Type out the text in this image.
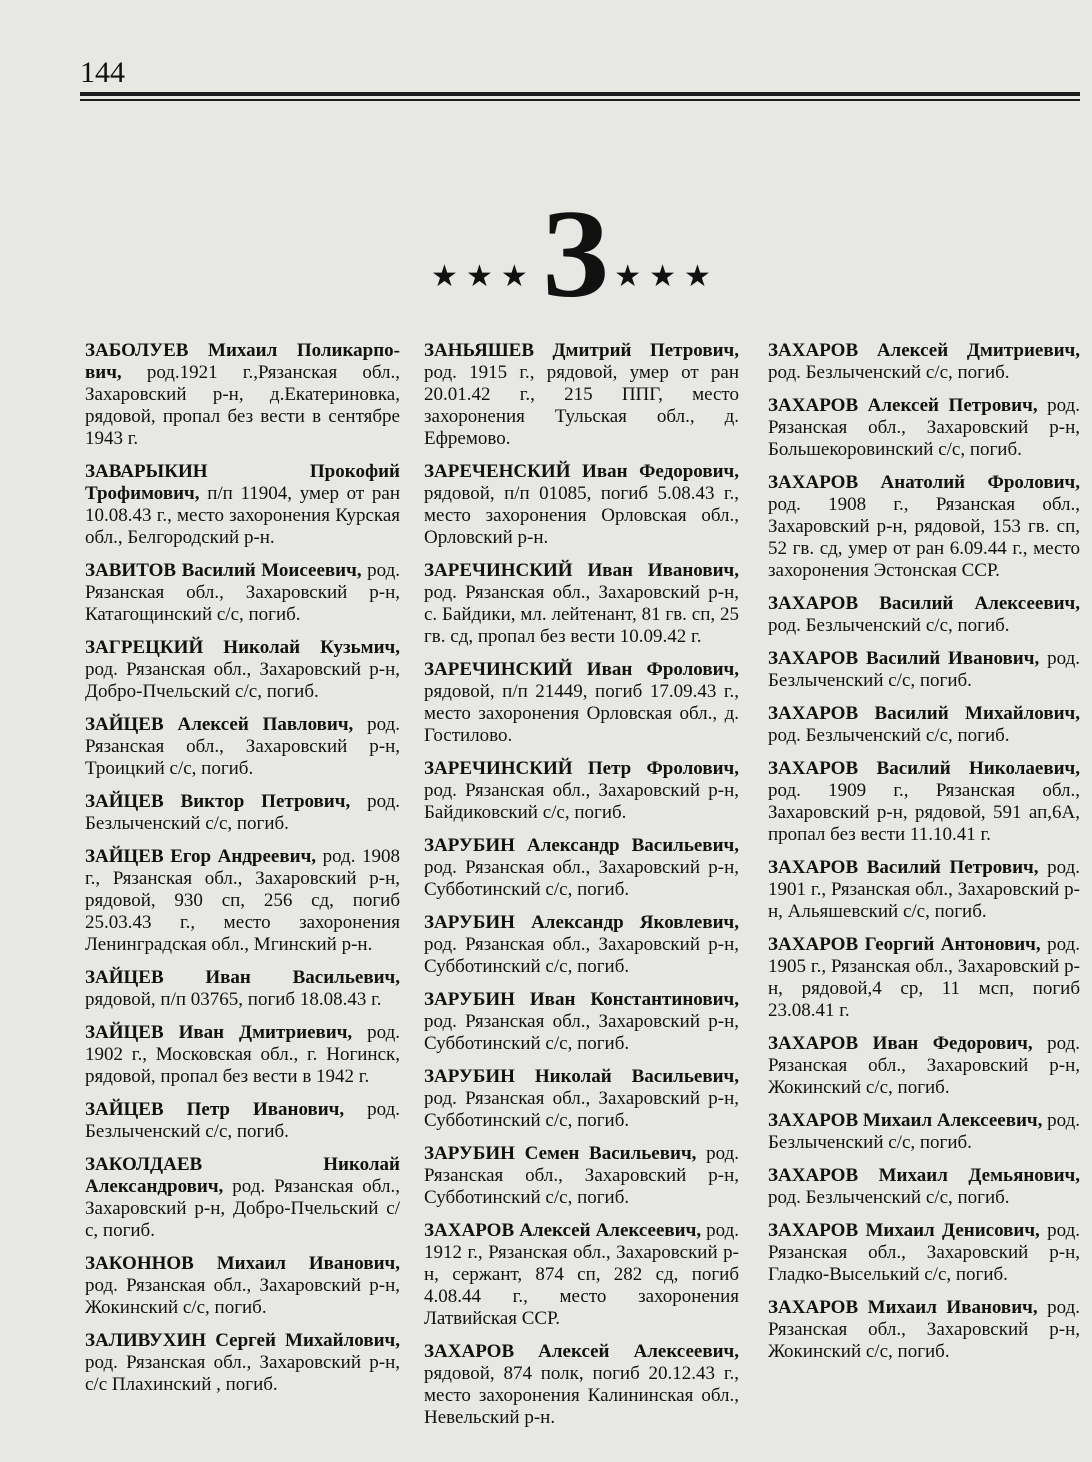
144
★★★ З ★★★
ЗАБОЛУЕВ Михаил Поликарпо-вич, род.1921 г.,Рязанская обл., Захаровский р-н, д.Екатериновка, рядовой, пропал без вести в сентябре 1943 г.
ЗАВАРЫКИН Прокофий Трофимович, п/п 11904, умер от ран 10.08.43 г., место захоронения Курская обл., Белгородский р-н.
ЗАВИТОВ Василий Моисеевич, род. Рязанская обл., Захаровский р-н, Катагощинский с/с, погиб.
ЗАГРЕЦКИЙ Николай Кузьмич, род. Рязанская обл., Захаровский р-н, Добро-Пчельский с/с, погиб.
ЗАЙЦЕВ Алексей Павлович, род. Рязанская обл., Захаровский р-н, Троицкий с/с, погиб.
ЗАЙЦЕВ Виктор Петрович, род. Безлыченский с/с, погиб.
ЗАЙЦЕВ Егор Андреевич, род. 1908 г., Рязанская обл., Захаровский р-н, рядовой, 930 сп, 256 сд, погиб 25.03.43 г., место захоронения Ленинградская обл., Мгинский р-н.
ЗАЙЦЕВ Иван Васильевич, рядовой, п/п 03765, погиб 18.08.43 г.
ЗАЙЦЕВ Иван Дмитриевич, род. 1902 г., Московская обл., г. Ногинск, рядовой, пропал без вести в 1942 г.
ЗАЙЦЕВ Петр Иванович, род. Безлыченский с/с, погиб.
ЗАКОЛДАЕВ Николай Александрович, род. Рязанская обл., Захаровский р-н, Добро-Пчельский с/с, погиб.
ЗАКОННОВ Михаил Иванович, род. Рязанская обл., Захаровский р-н, Жокинский с/с, погиб.
ЗАЛИВУХИН Сергей Михайлович, род. Рязанская обл., Захаровский р-н, с/с Плахинский , погиб.
ЗАНЬЯШЕВ Дмитрий Петрович, род. 1915 г., рядовой, умер от ран 20.01.42 г., 215 ППГ, место захоронения Тульская обл., д. Ефремово.
ЗАРЕЧЕНСКИЙ Иван Федорович, рядовой, п/п 01085, погиб 5.08.43 г., место захоронения Орловская обл., Орловский р-н.
ЗАРЕЧИНСКИЙ Иван Иванович, род. Рязанская обл., Захаровский р-н, с. Байдики, мл. лейтенант, 81 гв. сп, 25 гв. сд, пропал без вести 10.09.42 г.
ЗАРЕЧИНСКИЙ Иван Фролович, рядовой, п/п 21449, погиб 17.09.43 г., место захоронения Орловская обл., д. Гостилово.
ЗАРЕЧИНСКИЙ Петр Фролович, род. Рязанская обл., Захаровский р-н, Байдиковский с/с, погиб.
ЗАРУБИН Александр Васильевич, род. Рязанская обл., Захаровский р-н, Субботинский с/с, погиб.
ЗАРУБИН Александр Яковлевич, род. Рязанская обл., Захаровский р-н, Субботинский с/с, погиб.
ЗАРУБИН Иван Константинович, род. Рязанская обл., Захаровский р-н, Субботинский с/с, погиб.
ЗАРУБИН Николай Васильевич, род. Рязанская обл., Захаровский р-н, Субботинский с/с, погиб.
ЗАРУБИН Семен Васильевич, род. Рязанская обл., Захаровский р-н, Субботинский с/с, погиб.
ЗАХАРОВ Алексей Алексеевич, род. 1912 г., Рязанская обл., Захаровский р-н, сержант, 874 сп, 282 сд, погиб 4.08.44 г., место захоронения Латвийская ССР.
ЗАХАРОВ Алексей Алексеевич, рядовой, 874 полк, погиб 20.12.43 г., место захоронения Калининская обл., Невельский р-н.
ЗАХАРОВ Алексей Дмитриевич, род. Безлыченский с/с, погиб.
ЗАХАРОВ Алексей Петрович, род. Рязанская обл., Захаровский р-н, Большекоровинский с/с, погиб.
ЗАХАРОВ Анатолий Фролович, род. 1908 г., Рязанская обл., Захаровский р-н, рядовой, 153 гв. сп, 52 гв. сд, умер от ран 6.09.44 г., место захоронения Эстонская ССР.
ЗАХАРОВ Василий Алексеевич, род. Безлыченский с/с, погиб.
ЗАХАРОВ Василий Иванович, род. Безлыченский с/с, погиб.
ЗАХАРОВ Василий Михайлович, род. Безлыченский с/с, погиб.
ЗАХАРОВ Василий Николаевич, род. 1909 г., Рязанская обл., Захаровский р-н, рядовой, 591 ап,6А, пропал без вести 11.10.41 г.
ЗАХАРОВ Василий Петрович, род. 1901 г., Рязанская обл., Захаровский р-н, Альяшевский с/с, погиб.
ЗАХАРОВ Георгий Антонович, род. 1905 г., Рязанская обл., Захаровский р-н, рядовой,4 ср, 11 мсп, погиб 23.08.41 г.
ЗАХАРОВ Иван Федорович, род. Рязанская обл., Захаровский р-н, Жокинский с/с, погиб.
ЗАХАРОВ Михаил Алексеевич, род. Безлыченский с/с, погиб.
ЗАХАРОВ Михаил Демьянович, род. Безлыченский с/с, погиб.
ЗАХАРОВ Михаил Денисович, род. Рязанская обл., Захаровский р-н, Гладко-Выселький с/с, погиб.
ЗАХАРОВ Михаил Иванович, род. Рязанская обл., Захаровский р-н, Жокинский с/с, погиб.
